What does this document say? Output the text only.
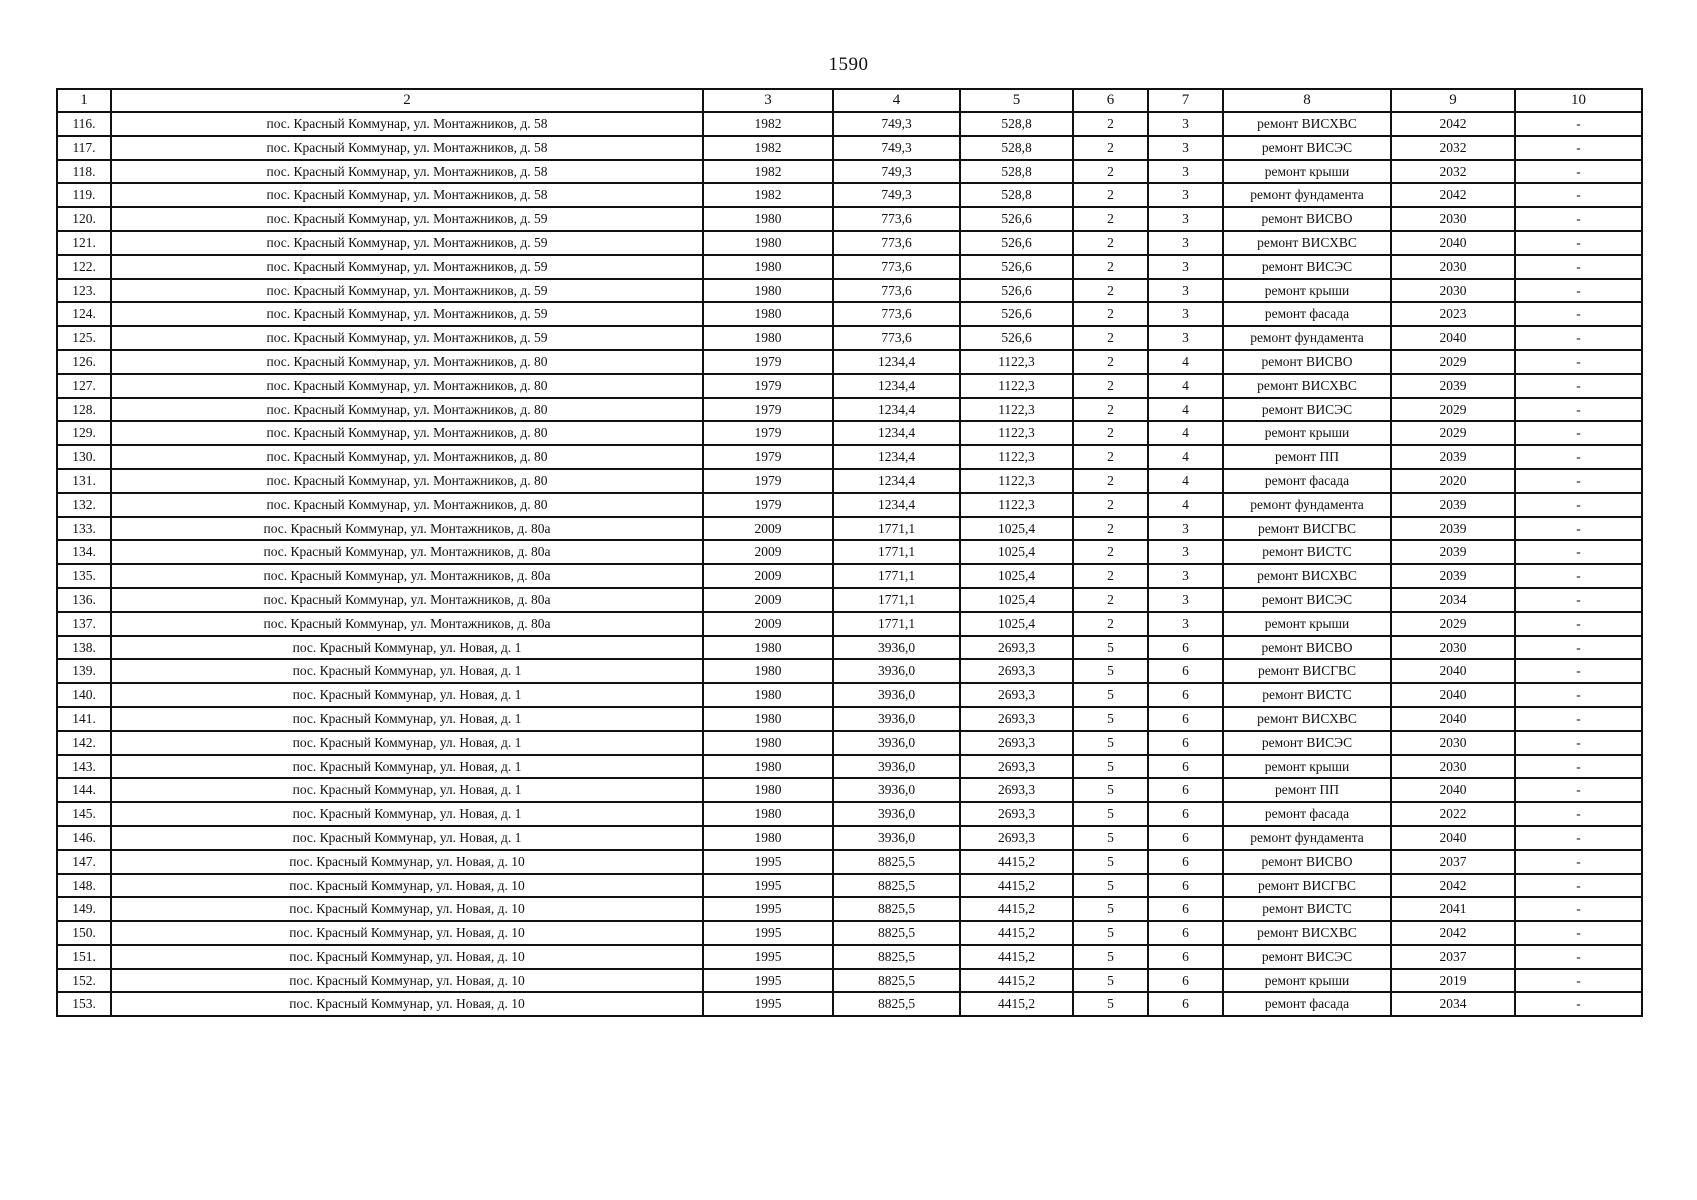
1590
1	2	3	4	5	6	7	8	9	10
116.	пос. Красный Коммунар, ул. Монтажников, д. 58	1982	749,3	528,8	2	3	ремонт ВИСХВС	2042	-
117.	пос. Красный Коммунар, ул. Монтажников, д. 58	1982	749,3	528,8	2	3	ремонт ВИСЭС	2032	-
118.	пос. Красный Коммунар, ул. Монтажников, д. 58	1982	749,3	528,8	2	3	ремонт крыши	2032	-
119.	пос. Красный Коммунар, ул. Монтажников, д. 58	1982	749,3	528,8	2	3	ремонт фундамента	2042	-
120.	пос. Красный Коммунар, ул. Монтажников, д. 59	1980	773,6	526,6	2	3	ремонт ВИСВО	2030	-
121.	пос. Красный Коммунар, ул. Монтажников, д. 59	1980	773,6	526,6	2	3	ремонт ВИСХВС	2040	-
122.	пос. Красный Коммунар, ул. Монтажников, д. 59	1980	773,6	526,6	2	3	ремонт ВИСЭС	2030	-
123.	пос. Красный Коммунар, ул. Монтажников, д. 59	1980	773,6	526,6	2	3	ремонт крыши	2030	-
124.	пос. Красный Коммунар, ул. Монтажников, д. 59	1980	773,6	526,6	2	3	ремонт фасада	2023	-
125.	пос. Красный Коммунар, ул. Монтажников, д. 59	1980	773,6	526,6	2	3	ремонт фундамента	2040	-
126.	пос. Красный Коммунар, ул. Монтажников, д. 80	1979	1234,4	1122,3	2	4	ремонт ВИСВО	2029	-
127.	пос. Красный Коммунар, ул. Монтажников, д. 80	1979	1234,4	1122,3	2	4	ремонт ВИСХВС	2039	-
128.	пос. Красный Коммунар, ул. Монтажников, д. 80	1979	1234,4	1122,3	2	4	ремонт ВИСЭС	2029	-
129.	пос. Красный Коммунар, ул. Монтажников, д. 80	1979	1234,4	1122,3	2	4	ремонт крыши	2029	-
130.	пос. Красный Коммунар, ул. Монтажников, д. 80	1979	1234,4	1122,3	2	4	ремонт ПП	2039	-
131.	пос. Красный Коммунар, ул. Монтажников, д. 80	1979	1234,4	1122,3	2	4	ремонт фасада	2020	-
132.	пос. Красный Коммунар, ул. Монтажников, д. 80	1979	1234,4	1122,3	2	4	ремонт фундамента	2039	-
133.	пос. Красный Коммунар, ул. Монтажников, д. 80а	2009	1771,1	1025,4	2	3	ремонт ВИСГВС	2039	-
134.	пос. Красный Коммунар, ул. Монтажников, д. 80а	2009	1771,1	1025,4	2	3	ремонт ВИСТС	2039	-
135.	пос. Красный Коммунар, ул. Монтажников, д. 80а	2009	1771,1	1025,4	2	3	ремонт ВИСХВС	2039	-
136.	пос. Красный Коммунар, ул. Монтажников, д. 80а	2009	1771,1	1025,4	2	3	ремонт ВИСЭС	2034	-
137.	пос. Красный Коммунар, ул. Монтажников, д. 80а	2009	1771,1	1025,4	2	3	ремонт крыши	2029	-
138.	пос. Красный Коммунар, ул. Новая, д. 1	1980	3936,0	2693,3	5	6	ремонт ВИСВО	2030	-
139.	пос. Красный Коммунар, ул. Новая, д. 1	1980	3936,0	2693,3	5	6	ремонт ВИСГВС	2040	-
140.	пос. Красный Коммунар, ул. Новая, д. 1	1980	3936,0	2693,3	5	6	ремонт ВИСТС	2040	-
141.	пос. Красный Коммунар, ул. Новая, д. 1	1980	3936,0	2693,3	5	6	ремонт ВИСХВС	2040	-
142.	пос. Красный Коммунар, ул. Новая, д. 1	1980	3936,0	2693,3	5	6	ремонт ВИСЭС	2030	-
143.	пос. Красный Коммунар, ул. Новая, д. 1	1980	3936,0	2693,3	5	6	ремонт крыши	2030	-
144.	пос. Красный Коммунар, ул. Новая, д. 1	1980	3936,0	2693,3	5	6	ремонт ПП	2040	-
145.	пос. Красный Коммунар, ул. Новая, д. 1	1980	3936,0	2693,3	5	6	ремонт фасада	2022	-
146.	пос. Красный Коммунар, ул. Новая, д. 1	1980	3936,0	2693,3	5	6	ремонт фундамента	2040	-
147.	пос. Красный Коммунар, ул. Новая, д. 10	1995	8825,5	4415,2	5	6	ремонт ВИСВО	2037	-
148.	пос. Красный Коммунар, ул. Новая, д. 10	1995	8825,5	4415,2	5	6	ремонт ВИСГВС	2042	-
149.	пос. Красный Коммунар, ул. Новая, д. 10	1995	8825,5	4415,2	5	6	ремонт ВИСТС	2041	-
150.	пос. Красный Коммунар, ул. Новая, д. 10	1995	8825,5	4415,2	5	6	ремонт ВИСХВС	2042	-
151.	пос. Красный Коммунар, ул. Новая, д. 10	1995	8825,5	4415,2	5	6	ремонт ВИСЭС	2037	-
152.	пос. Красный Коммунар, ул. Новая, д. 10	1995	8825,5	4415,2	5	6	ремонт крыши	2019	-
153.	пос. Красный Коммунар, ул. Новая, д. 10	1995	8825,5	4415,2	5	6	ремонт фасада	2034	-
